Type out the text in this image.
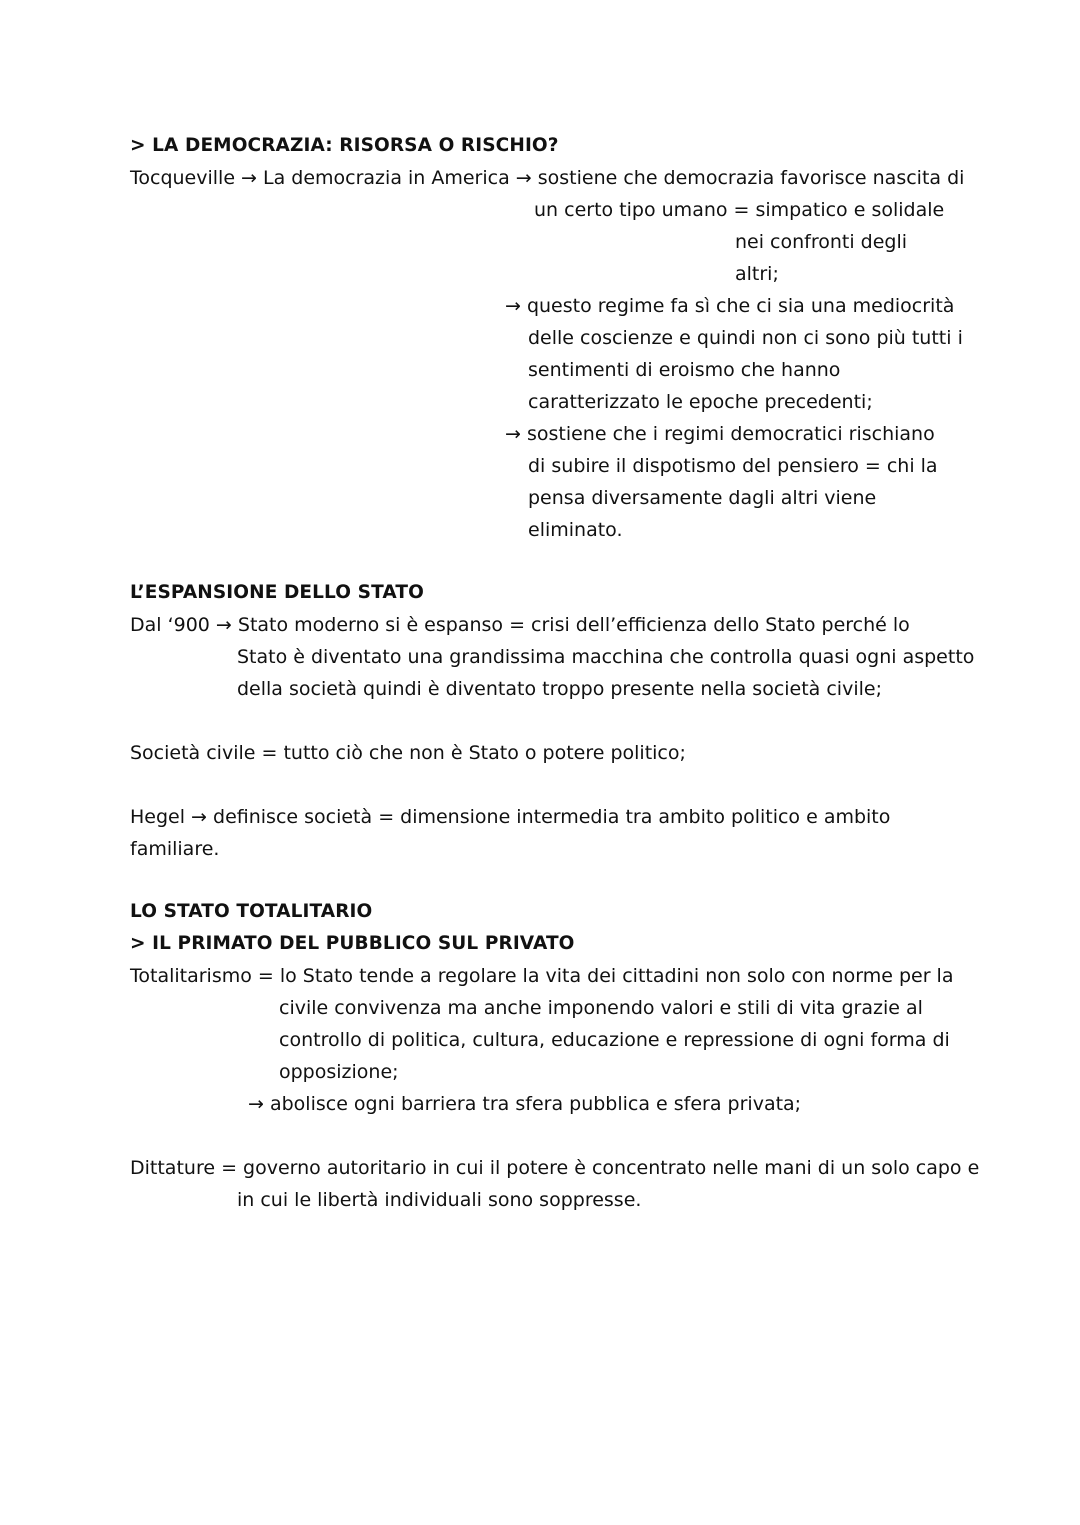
> LA DEMOCRAZIA: RISORSA O RISCHIO?
Tocqueville → La democrazia in America → sostiene che democrazia favorisce nascita di
un certo tipo umano = simpatico e solidale
nei confronti degli
altri;
→ questo regime fa sì che ci sia una mediocrità
delle coscienze e quindi non ci sono più tutti i
sentimenti di eroismo che hanno
caratterizzato le epoche precedenti;
→ sostiene che i regimi democratici rischiano
di subire il dispotismo del pensiero = chi la
pensa diversamente dagli altri viene
eliminato.
L’ESPANSIONE DELLO STATO
Dal ‘900 → Stato moderno si è espanso = crisi dell’efficienza dello Stato perché lo
Stato è diventato una grandissima macchina che controlla quasi ogni aspetto
della società quindi è diventato troppo presente nella società civile;
Società civile = tutto ciò che non è Stato o potere politico;
Hegel → definisce società = dimensione intermedia tra ambito politico e ambito
familiare.
LO STATO TOTALITARIO
> IL PRIMATO DEL PUBBLICO SUL PRIVATO
Totalitarismo = lo Stato tende a regolare la vita dei cittadini non solo con norme per la
civile convivenza ma anche imponendo valori e stili di vita grazie al
controllo di politica, cultura, educazione e repressione di ogni forma di
opposizione;
→ abolisce ogni barriera tra sfera pubblica e sfera privata;
Dittature = governo autoritario in cui il potere è concentrato nelle mani di un solo capo e
in cui le libertà individuali sono soppresse.
